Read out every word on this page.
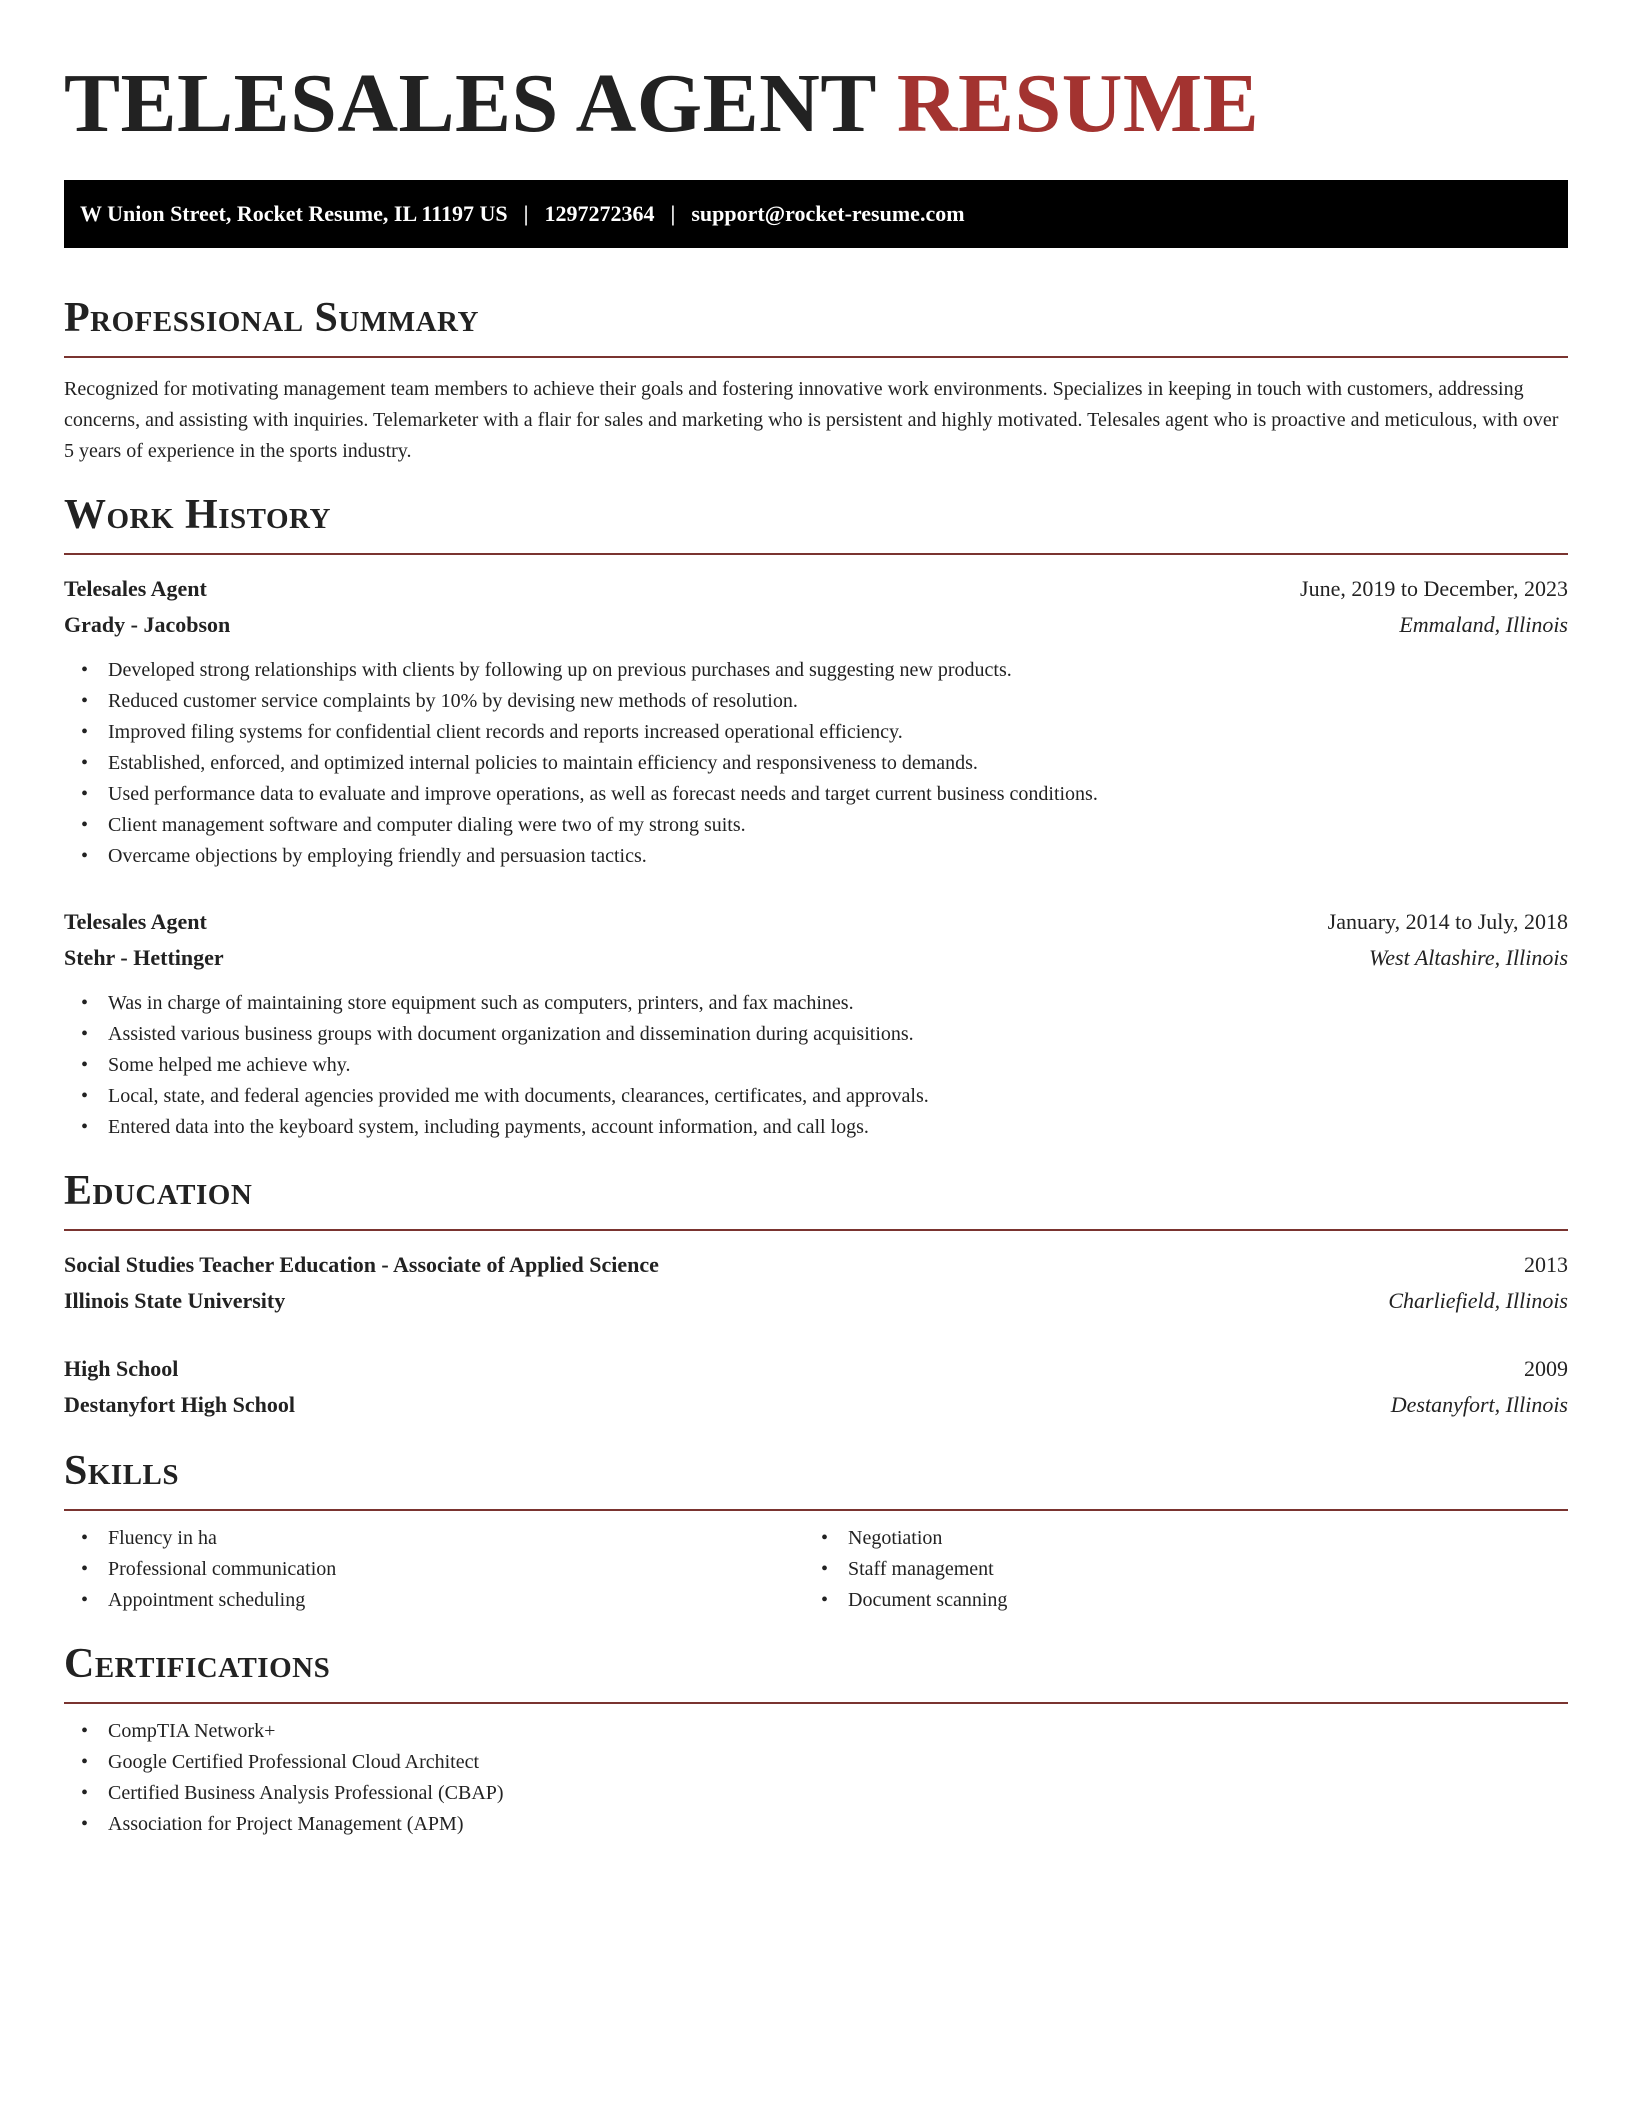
TELESALES AGENT RESUME
W Union Street, Rocket Resume, IL 11197 US | 1297272364 | support@rocket-resume.com
Professional Summary

Recognized for motivating management team members to achieve their goals and fostering innovative work environments. Specializes in keeping in touch with customers, addressing concerns, and assisting with inquiries. Telemarketer with a flair for sales and marketing who is persistent and highly motivated. Telesales agent who is proactive and meticulous, with over 5 years of experience in the sports industry.

Work History
Telesales Agent	June, 2019 to December, 2023
Grady - Jacobson	Emmaland, Illinois
• Developed strong relationships with clients by following up on previous purchases and suggesting new products.
• Reduced customer service complaints by 10% by devising new methods of resolution.
• Improved filing systems for confidential client records and reports increased operational efficiency.
• Established, enforced, and optimized internal policies to maintain efficiency and responsiveness to demands.
• Used performance data to evaluate and improve operations, as well as forecast needs and target current business conditions.
• Client management software and computer dialing were two of my strong suits.
• Overcame objections by employing friendly and persuasion tactics.
Telesales Agent	January, 2014 to July, 2018
Stehr - Hettinger	West Altashire, Illinois
• Was in charge of maintaining store equipment such as computers, printers, and fax machines.
• Assisted various business groups with document organization and dissemination during acquisitions.
• Some helped me achieve why.
• Local, state, and federal agencies provided me with documents, clearances, certificates, and approvals.
• Entered data into the keyboard system, including payments, account information, and call logs.
Education
Social Studies Teacher Education - Associate of Applied Science	2013
Illinois State University	Charliefield, Illinois
High School	2009
Destanyfort High School	Destanyfort, Illinois
Skills
• Fluency in ha
• Professional communication
• Appointment scheduling
• Negotiation
• Staff management
• Document scanning
Certifications
• CompTIA Network+
• Google Certified Professional Cloud Architect
• Certified Business Analysis Professional (CBAP)
• Association for Project Management (APM)
